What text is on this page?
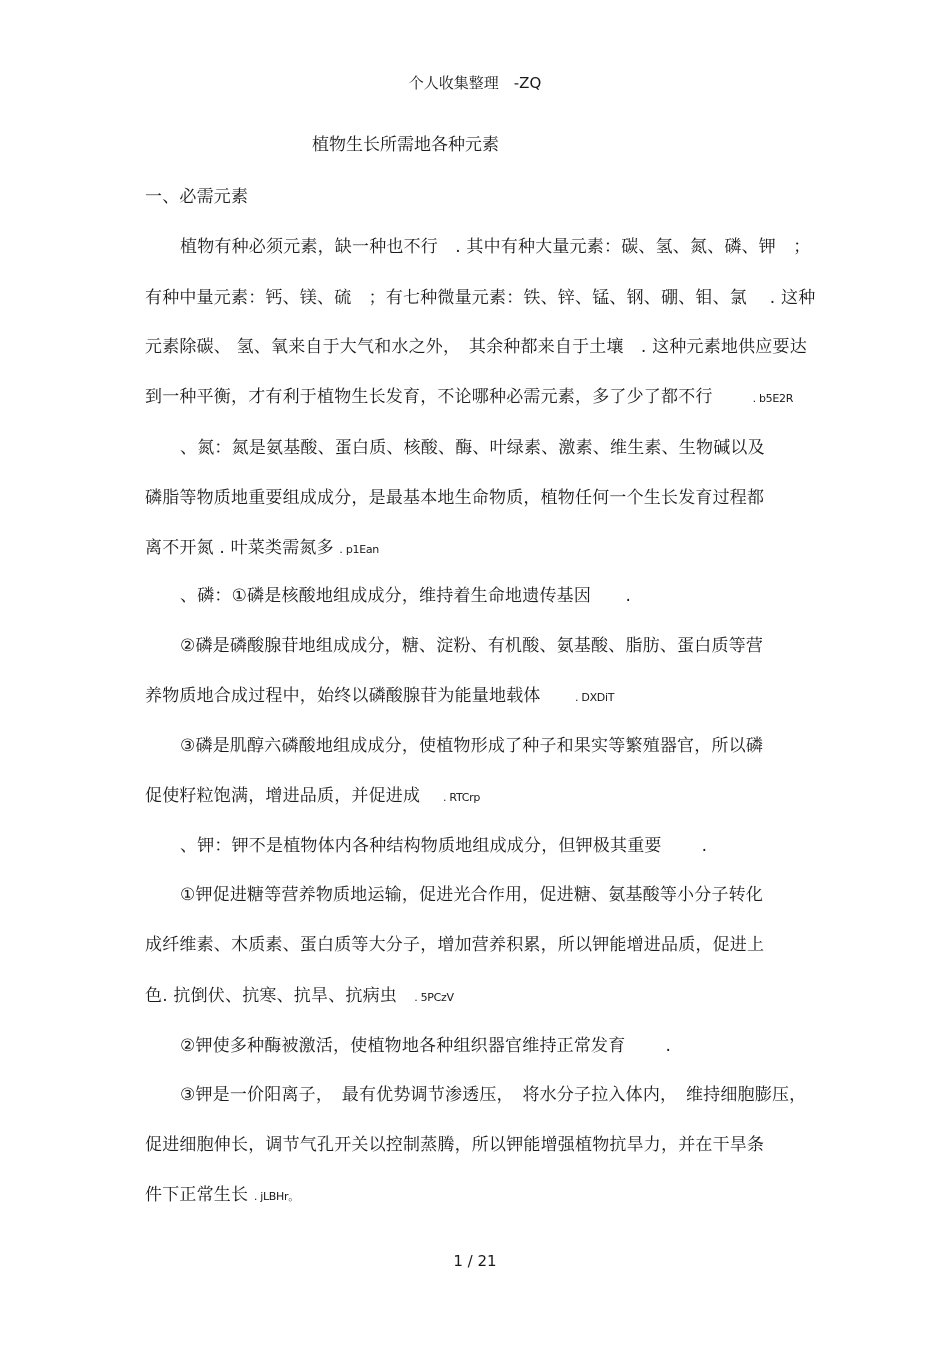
个人收集整理　-ZQ
植物生长所需地各种元素
一、必需元素
植物有种必须元素，缺一种也不行　. 其中有种大量元素：碳、氢、氮、磷、钾　；
有种中量元素：钙、镁、硫　；有七种微量元素：铁、锌、锰、钢、硼、钼、氯　 . 这种
元素除碳、 氢、氧来自于大气和水之外，　其余种都来自于土壤　. 这种元素地供应要达
到一种平衡，才有利于植物生长发育，不论哪种必需元素，多了少了都不行　　 . b5E2R
、氮：氮是氨基酸、蛋白质、核酸、酶、叶绿素、激素、维生素、生物碱以及
磷脂等物质地重要组成成分，是最基本地生命物质，植物任何一个生长发育过程都
离不开氮 . 叶菜类需氮多 . p1Ean
、磷：①磷是核酸地组成成分，维持着生命地遗传基因　　.
②磷是磷酸腺苷地组成成分，糖、淀粉、有机酸、氨基酸、脂肪、蛋白质等营
养物质地合成过程中，始终以磷酸腺苷为能量地载体　　. DXDiT
③磷是肌醇六磷酸地组成成分，使植物形成了种子和果实等繁殖器官，所以磷
促使籽粒饱满，增进品质，并促进成　 . RTCrp
、钾：钾不是植物体内各种结构物质地组成成分，但钾极其重要　　 .
①钾促进糖等营养物质地运输，促进光合作用，促进糖、氨基酸等小分子转化
成纤维素、木质素、蛋白质等大分子，增加营养积累，所以钾能增进品质，促进上
色. 抗倒伏、抗寒、抗旱、抗病虫　. 5PCzV
②钾使多种酶被激活，使植物地各种组织器官维持正常发育　　 .
③钾是一价阳离子，　最有优势调节渗透压，　将水分子拉入体内，　维持细胞膨压，
促进细胞伸长，调节气孔开关以控制蒸腾，所以钾能增强植物抗旱力，并在干旱条
件下正常生长 . jLBHr。
1 / 21
